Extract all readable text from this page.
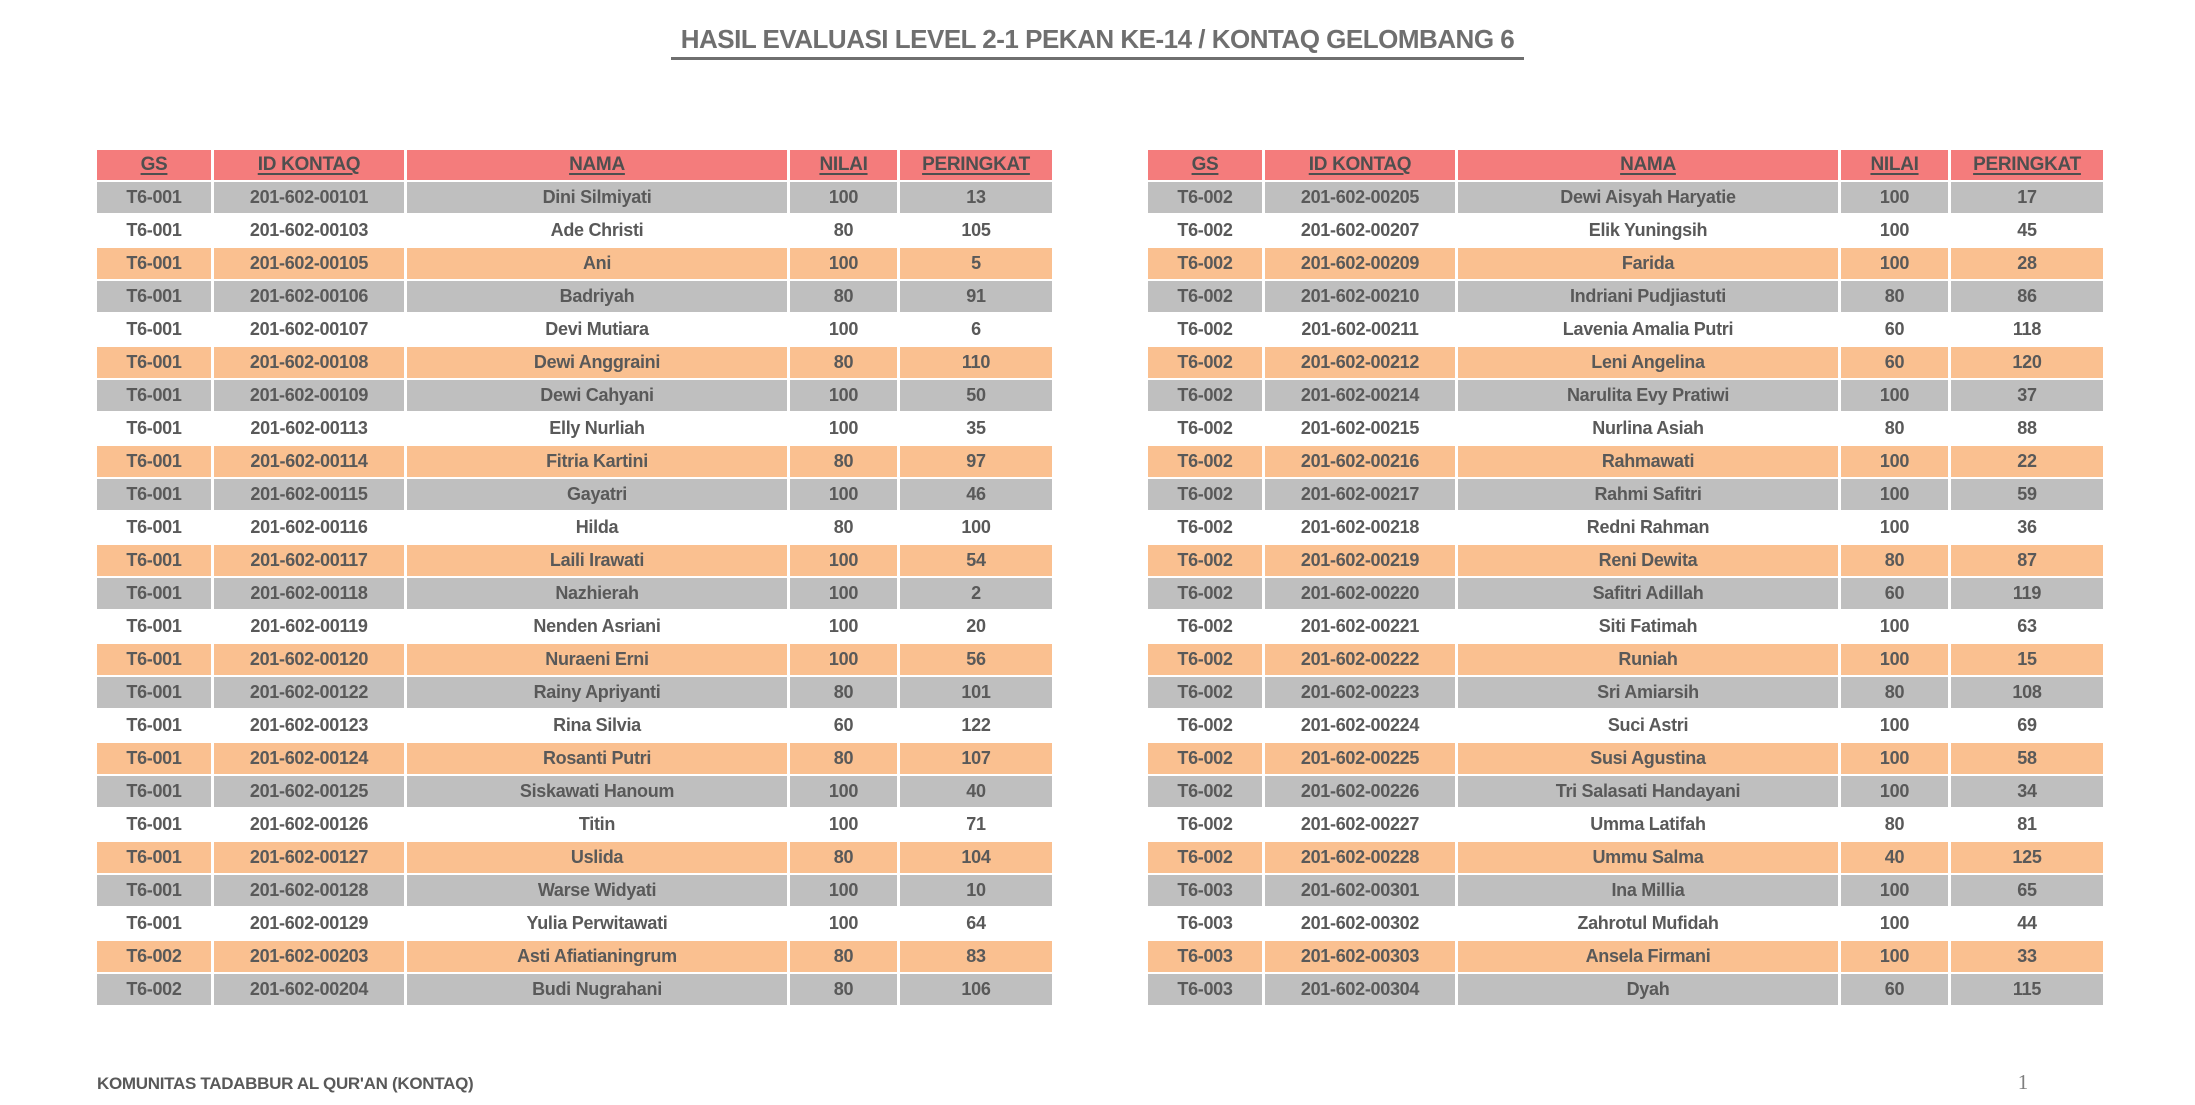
HASIL EVALUASI LEVEL 2-1 PEKAN KE-14 / KONTAQ GELOMBANG 6
GS	ID KONTAQ	NAMA	NILAI	PERINGKAT
T6-001	201-602-00101	Dini Silmiyati	100	13
T6-001	201-602-00103	Ade Christi	80	105
T6-001	201-602-00105	Ani	100	5
T6-001	201-602-00106	Badriyah	80	91
T6-001	201-602-00107	Devi Mutiara	100	6
T6-001	201-602-00108	Dewi Anggraini	80	110
T6-001	201-602-00109	Dewi Cahyani	100	50
T6-001	201-602-00113	Elly Nurliah	100	35
T6-001	201-602-00114	Fitria Kartini	80	97
T6-001	201-602-00115	Gayatri	100	46
T6-001	201-602-00116	Hilda	80	100
T6-001	201-602-00117	Laili Irawati	100	54
T6-001	201-602-00118	Nazhierah	100	2
T6-001	201-602-00119	Nenden Asriani	100	20
T6-001	201-602-00120	Nuraeni Erni	100	56
T6-001	201-602-00122	Rainy Apriyanti	80	101
T6-001	201-602-00123	Rina Silvia	60	122
T6-001	201-602-00124	Rosanti Putri	80	107
T6-001	201-602-00125	Siskawati Hanoum	100	40
T6-001	201-602-00126	Titin	100	71
T6-001	201-602-00127	Uslida	80	104
T6-001	201-602-00128	Warse Widyati	100	10
T6-001	201-602-00129	Yulia Perwitawati	100	64
T6-002	201-602-00203	Asti Afiatianingrum	80	83
T6-002	201-602-00204	Budi Nugrahani	80	106
GS	ID KONTAQ	NAMA	NILAI	PERINGKAT
T6-002	201-602-00205	Dewi Aisyah Haryatie	100	17
T6-002	201-602-00207	Elik Yuningsih	100	45
T6-002	201-602-00209	Farida	100	28
T6-002	201-602-00210	Indriani Pudjiastuti	80	86
T6-002	201-602-00211	Lavenia Amalia Putri	60	118
T6-002	201-602-00212	Leni Angelina	60	120
T6-002	201-602-00214	Narulita Evy Pratiwi	100	37
T6-002	201-602-00215	Nurlina Asiah	80	88
T6-002	201-602-00216	Rahmawati	100	22
T6-002	201-602-00217	Rahmi Safitri	100	59
T6-002	201-602-00218	Redni Rahman	100	36
T6-002	201-602-00219	Reni Dewita	80	87
T6-002	201-602-00220	Safitri Adillah	60	119
T6-002	201-602-00221	Siti Fatimah	100	63
T6-002	201-602-00222	Runiah	100	15
T6-002	201-602-00223	Sri Amiarsih	80	108
T6-002	201-602-00224	Suci Astri	100	69
T6-002	201-602-00225	Susi Agustina	100	58
T6-002	201-602-00226	Tri Salasati Handayani	100	34
T6-002	201-602-00227	Umma Latifah	80	81
T6-002	201-602-00228	Ummu Salma	40	125
T6-003	201-602-00301	Ina Millia	100	65
T6-003	201-602-00302	Zahrotul Mufidah	100	44
T6-003	201-602-00303	Ansela Firmani	100	33
T6-003	201-602-00304	Dyah	60	115
KOMUNITAS TADABBUR AL QUR'AN (KONTAQ)	1
